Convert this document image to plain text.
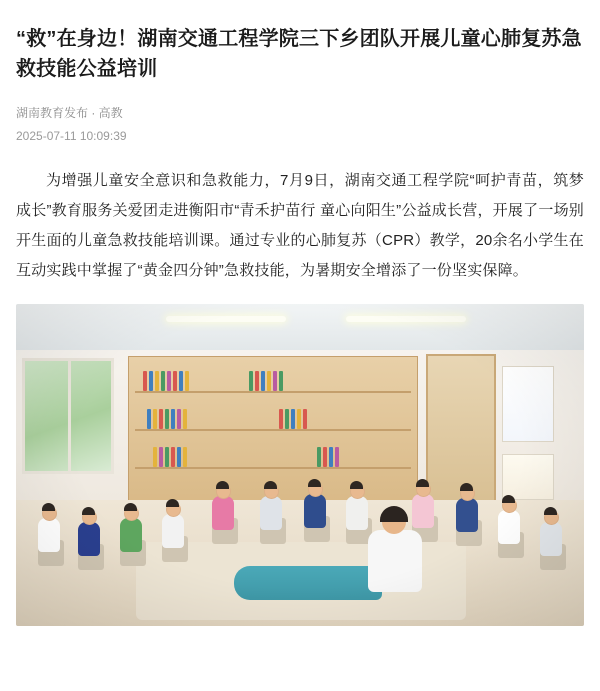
“救”在身边！湖南交通工程学院三下乡团队开展儿童心肺复苏急救技能公益培训
湖南教育发布 · 高教
2025-07-11 10:09:39

为增强儿童安全意识和急救能力，7月9日，湖南交通工程学院“呵护青苗，筑梦成长”教育服务关爱团走进衡阳市“青禾护苗行 童心向阳生”公益成长营，开展了一场别开生面的儿童急救技能培训课。通过专业的心肺复苏（CPR）教学，20余名小学生在互动实践中掌握了“黄金四分钟”急救技能，为暑期安全增添了一份坚实保障。
